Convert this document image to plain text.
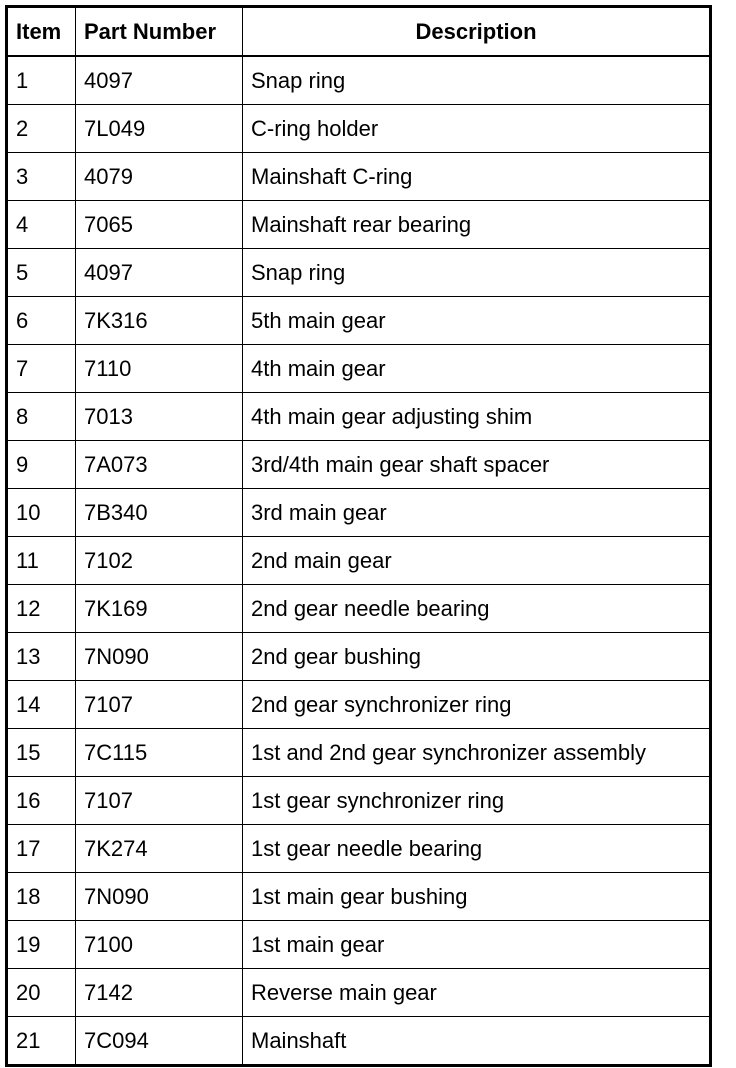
Item	Part Number	Description
1	4097	Snap ring
2	7L049	C-ring holder
3	4079	Mainshaft C-ring
4	7065	Mainshaft rear bearing
5	4097	Snap ring
6	7K316	5th main gear
7	7110	4th main gear
8	7013	4th main gear adjusting shim
9	7A073	3rd/4th main gear shaft spacer
10	7B340	3rd main gear
11	7102	2nd main gear
12	7K169	2nd gear needle bearing
13	7N090	2nd gear bushing
14	7107	2nd gear synchronizer ring
15	7C115	1st and 2nd gear synchronizer assembly
16	7107	1st gear synchronizer ring
17	7K274	1st gear needle bearing
18	7N090	1st main gear bushing
19	7100	1st main gear
20	7142	Reverse main gear
21	7C094	Mainshaft
